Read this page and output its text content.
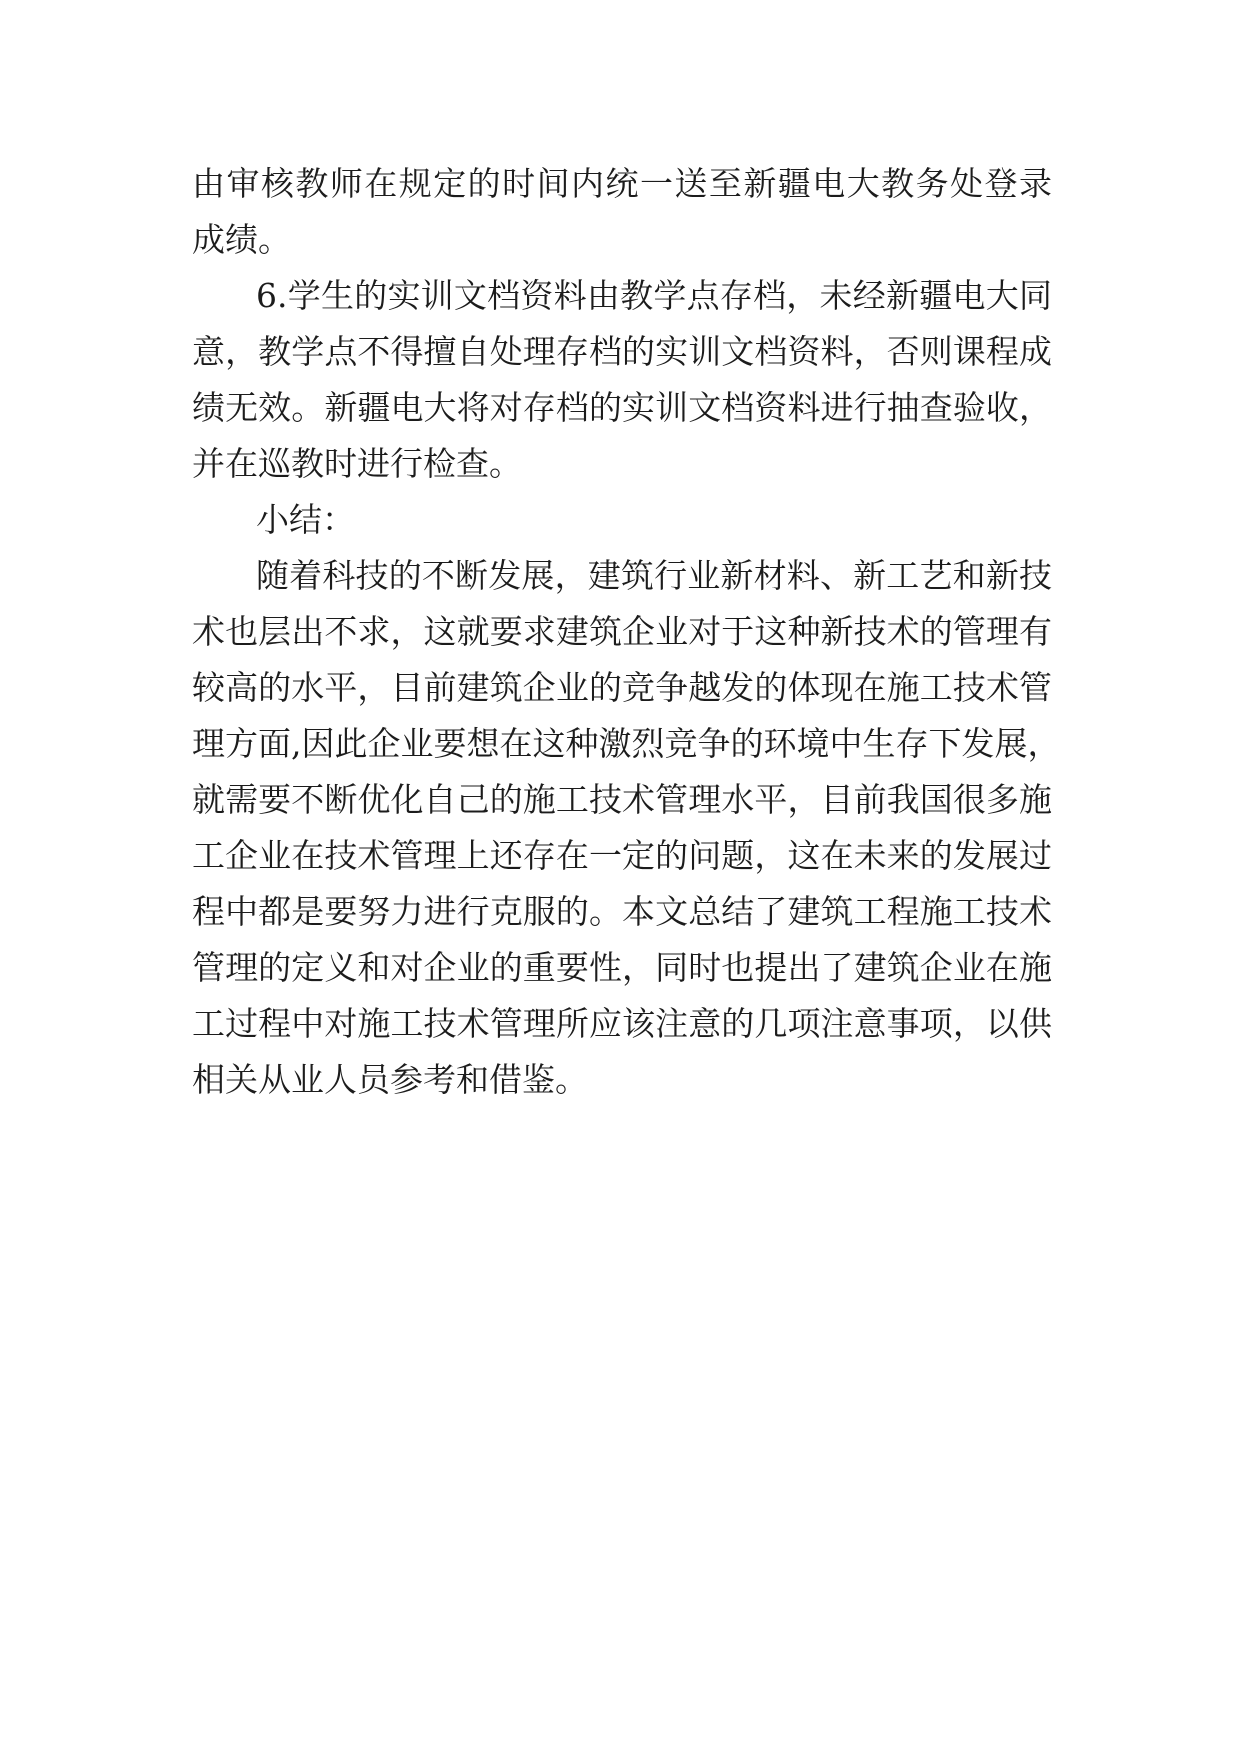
由审核教师在规定的时间内统一送至新疆电大教务处登录
成绩。
6.学生的实训文档资料由教学点存档，未经新疆电大同
意，教学点不得擅自处理存档的实训文档资料，否则课程成
绩无效。新疆电大将对存档的实训文档资料进行抽查验收，
并在巡教时进行检查。
小结：
随着科技的不断发展，建筑行业新材料、新工艺和新技
术也层出不求，这就要求建筑企业对于这种新技术的管理有
较高的水平，目前建筑企业的竞争越发的体现在施工技术管
理方面,因此企业要想在这种激烈竞争的环境中生存下发展，
就需要不断优化自己的施工技术管理水平，目前我国很多施
工企业在技术管理上还存在一定的问题，这在未来的发展过
程中都是要努力进行克服的。本文总结了建筑工程施工技术
管理的定义和对企业的重要性，同时也提出了建筑企业在施
工过程中对施工技术管理所应该注意的几项注意事项，以供
相关从业人员参考和借鉴。
